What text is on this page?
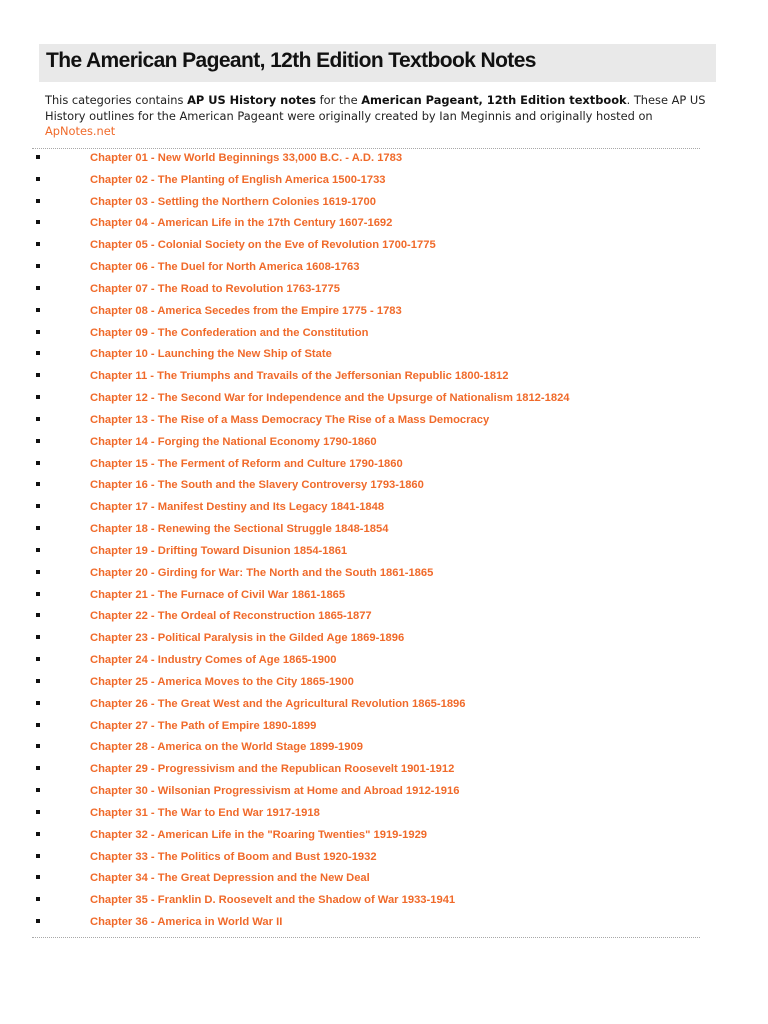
The American Pageant, 12th Edition Textbook Notes

This categories contains AP US History notes for the American Pageant, 12th Edition textbook. These AP US History outlines for the American Pageant were originally created by Ian Meginnis and originally hosted on ApNotes.net

Chapter 01 - New World Beginnings 33,000 B.C. - A.D. 1783
Chapter 02 - The Planting of English America 1500-1733
Chapter 03 - Settling the Northern Colonies 1619-1700
Chapter 04 - American Life in the 17th Century 1607-1692
Chapter 05 - Colonial Society on the Eve of Revolution 1700-1775
Chapter 06 - The Duel for North America 1608-1763
Chapter 07 - The Road to Revolution 1763-1775
Chapter 08 - America Secedes from the Empire 1775 - 1783
Chapter 09 - The Confederation and the Constitution
Chapter 10 - Launching the New Ship of State
Chapter 11 - The Triumphs and Travails of the Jeffersonian Republic 1800-1812
Chapter 12 - The Second War for Independence and the Upsurge of Nationalism 1812-1824
Chapter 13 - The Rise of a Mass Democracy The Rise of a Mass Democracy
Chapter 14 - Forging the National Economy 1790-1860
Chapter 15 - The Ferment of Reform and Culture 1790-1860
Chapter 16 - The South and the Slavery Controversy 1793-1860
Chapter 17 - Manifest Destiny and Its Legacy 1841-1848
Chapter 18 - Renewing the Sectional Struggle 1848-1854
Chapter 19 - Drifting Toward Disunion 1854-1861
Chapter 20 - Girding for War: The North and the South 1861-1865
Chapter 21 - The Furnace of Civil War 1861-1865
Chapter 22 - The Ordeal of Reconstruction 1865-1877
Chapter 23 - Political Paralysis in the Gilded Age 1869-1896
Chapter 24 - Industry Comes of Age 1865-1900
Chapter 25 - America Moves to the City 1865-1900
Chapter 26 - The Great West and the Agricultural Revolution 1865-1896
Chapter 27 - The Path of Empire 1890-1899
Chapter 28 - America on the World Stage 1899-1909
Chapter 29 - Progressivism and the Republican Roosevelt 1901-1912
Chapter 30 - Wilsonian Progressivism at Home and Abroad 1912-1916
Chapter 31 - The War to End War 1917-1918
Chapter 32 - American Life in the "Roaring Twenties" 1919-1929
Chapter 33 - The Politics of Boom and Bust 1920-1932
Chapter 34 - The Great Depression and the New Deal
Chapter 35 - Franklin D. Roosevelt and the Shadow of War 1933-1941
Chapter 36 - America in World War II
